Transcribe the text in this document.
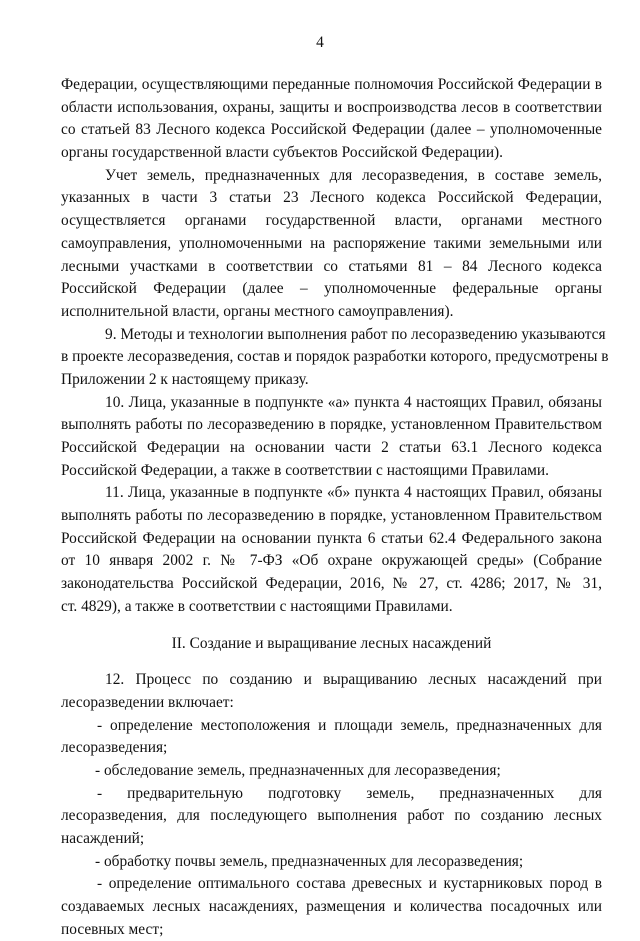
4
Федерации, осуществляющими переданные полномочия Российской Федерации в
области использования, охраны, защиты и воспроизводства лесов в соответствии
со статьей 83 Лесного кодекса Российской Федерации (далее – уполномоченные
органы государственной власти субъектов Российской Федерации).
Учет земель, предназначенных для лесоразведения, в составе земель,
указанных в части 3 статьи 23 Лесного кодекса Российской Федерации,
осуществляется органами государственной власти, органами местного
самоуправления, уполномоченными на распоряжение такими земельными или
лесными участками в соответствии со статьями 81 – 84 Лесного кодекса
Российской Федерации (далее – уполномоченные федеральные органы
исполнительной власти, органы местного самоуправления).
9. Методы и технологии выполнения работ по лесоразведению указываются
в проекте лесоразведения, состав и порядок разработки которого, предусмотрены в
Приложении 2 к настоящему приказу.
10. Лица, указанные в подпункте «а» пункта 4 настоящих Правил, обязаны
выполнять работы по лесоразведению в порядке, установленном Правительством
Российской Федерации на основании части 2 статьи 63.1 Лесного кодекса
Российской Федерации, а также в соответствии с настоящими Правилами.
11. Лица, указанные в подпункте «б» пункта 4 настоящих Правил, обязаны
выполнять работы по лесоразведению в порядке, установленном Правительством
Российской Федерации на основании пункта 6 статьи 62.4 Федерального закона
от 10 января 2002 г. № 7-ФЗ «Об охране окружающей среды» (Собрание
законодательства Российской Федерации, 2016, № 27, ст. 4286; 2017, № 31,
ст. 4829), а также в соответствии с настоящими Правилами.
II. Создание и выращивание лесных насаждений
12. Процесс по созданию и выращиванию лесных насаждений при
лесоразведении включает:
- определение местоположения и площади земель, предназначенных для
лесоразведения;
- обследование земель, предназначенных для лесоразведения;
- предварительную подготовку земель, предназначенных для
лесоразведения, для последующего выполнения работ по созданию лесных
насаждений;
- обработку почвы земель, предназначенных для лесоразведения;
- определение оптимального состава древесных и кустарниковых пород в
создаваемых лесных насаждениях, размещения и количества посадочных или
посевных мест;
